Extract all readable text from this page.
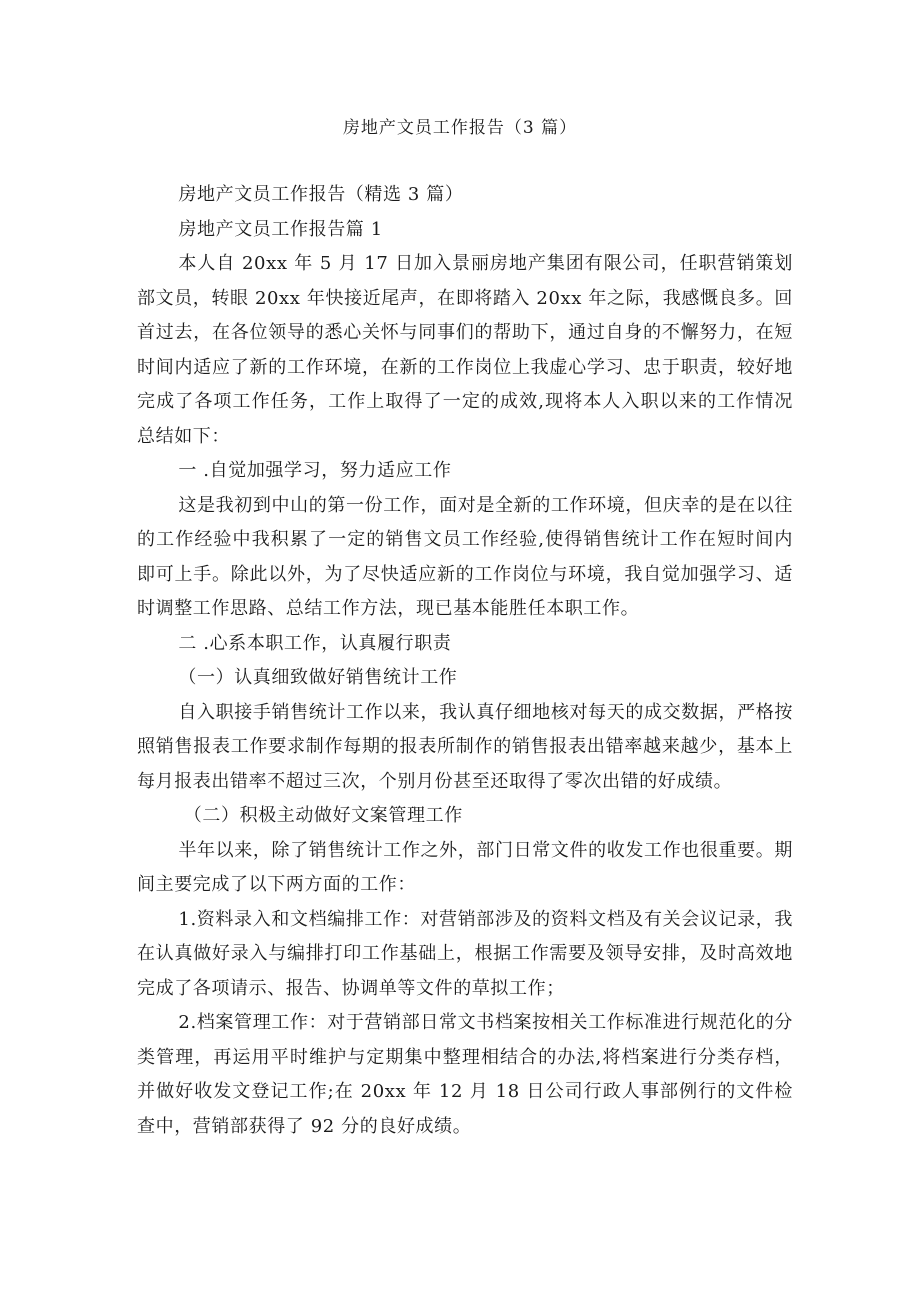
房地产文员工作报告（3 篇）

房地产文员工作报告（精选 3 篇）

房地产文员工作报告篇 1

本人自 20xx 年 5 月 17 日加入景丽房地产集团有限公司，任职营销策划部文员，转眼 20xx 年快接近尾声，在即将踏入 20xx 年之际，我感慨良多。回首过去，在各位领导的悉心关怀与同事们的帮助下，通过自身的不懈努力，在短时间内适应了新的工作环境，在新的工作岗位上我虚心学习、忠于职责，较好地完成了各项工作任务，工作上取得了一定的成效,现将本人入职以来的工作情况总结如下：

一 .自觉加强学习，努力适应工作

这是我初到中山的第一份工作，面对是全新的工作环境，但庆幸的是在以往的工作经验中我积累了一定的销售文员工作经验,使得销售统计工作在短时间内即可上手。除此以外，为了尽快适应新的工作岗位与环境，我自觉加强学习、适时调整工作思路、总结工作方法，现已基本能胜任本职工作。

二 .心系本职工作，认真履行职责

（一）认真细致做好销售统计工作

自入职接手销售统计工作以来，我认真仔细地核对每天的成交数据，严格按照销售报表工作要求制作每期的报表所制作的销售报表出错率越来越少，基本上每月报表出错率不超过三次，个别月份甚至还取得了零次出错的好成绩。

（二）积极主动做好文案管理工作

半年以来，除了销售统计工作之外，部门日常文件的收发工作也很重要。期间主要完成了以下两方面的工作：

1.资料录入和文档编排工作：对营销部涉及的资料文档及有关会议记录，我在认真做好录入与编排打印工作基础上，根据工作需要及领导安排，及时高效地完成了各项请示、报告、协调单等文件的草拟工作；

2.档案管理工作：对于营销部日常文书档案按相关工作标准进行规范化的分类管理，再运用平时维护与定期集中整理相结合的办法,将档案进行分类存档，并做好收发文登记工作;在 20xx 年 12 月 18 日公司行政人事部例行的文件检查中，营销部获得了 92 分的良好成绩。
